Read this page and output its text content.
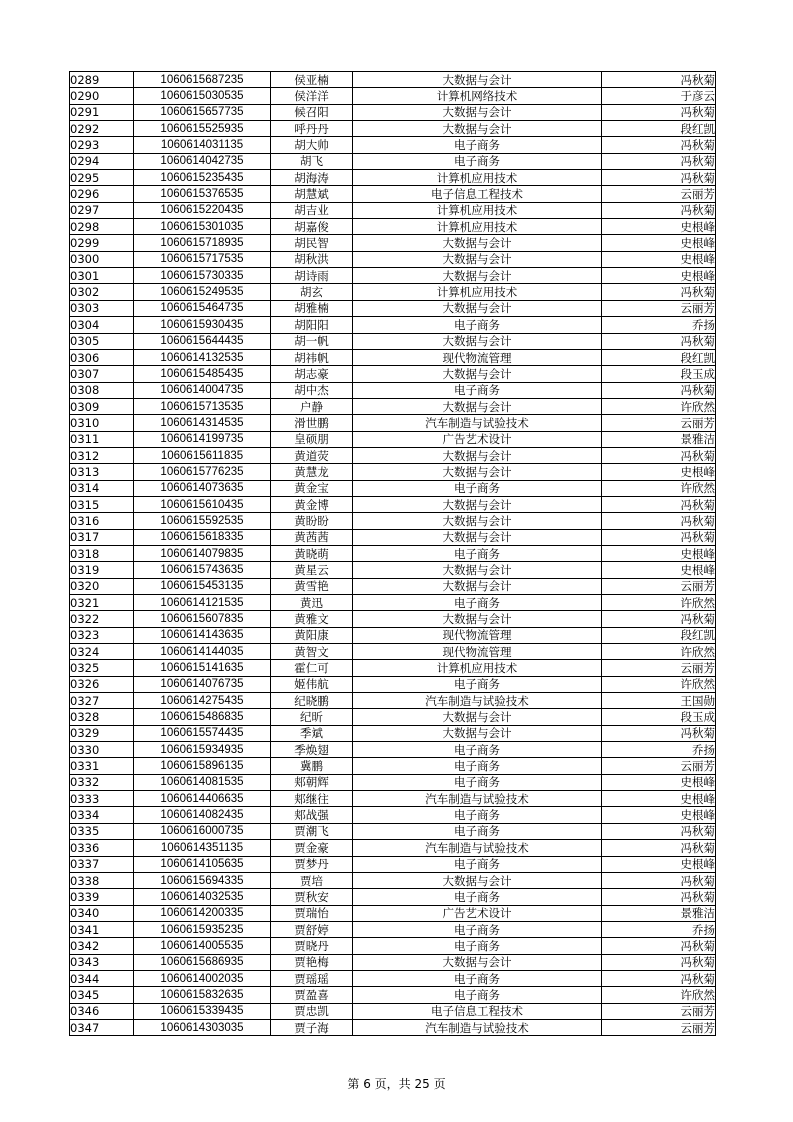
0289	1060615687235	侯亚楠	大数据与会计	冯秋菊
0290	1060615030535	侯洋洋	计算机网络技术	于彦云
0291	1060615657735	候召阳	大数据与会计	冯秋菊
0292	1060615525935	呼丹丹	大数据与会计	段红凯
0293	1060614031135	胡大帅	电子商务	冯秋菊
0294	1060614042735	胡飞	电子商务	冯秋菊
0295	1060615235435	胡海涛	计算机应用技术	冯秋菊
0296	1060615376535	胡慧斌	电子信息工程技术	云丽芳
0297	1060615220435	胡吉业	计算机应用技术	冯秋菊
0298	1060615301035	胡嘉俊	计算机应用技术	史根峰
0299	1060615718935	胡民智	大数据与会计	史根峰
0300	1060615717535	胡秋洪	大数据与会计	史根峰
0301	1060615730335	胡诗雨	大数据与会计	史根峰
0302	1060615249535	胡玄	计算机应用技术	冯秋菊
0303	1060615464735	胡雅楠	大数据与会计	云丽芳
0304	1060615930435	胡阳阳	电子商务	乔扬
0305	1060615644435	胡一帆	大数据与会计	冯秋菊
0306	1060614132535	胡祎帆	现代物流管理	段红凯
0307	1060615485435	胡志豪	大数据与会计	段玉成
0308	1060614004735	胡中杰	电子商务	冯秋菊
0309	1060615713535	户静	大数据与会计	许欣然
0310	1060614314535	滑世鹏	汽车制造与试验技术	云丽芳
0311	1060614199735	皇硕朋	广告艺术设计	景雅洁
0312	1060615611835	黄道荧	大数据与会计	冯秋菊
0313	1060615776235	黄慧龙	大数据与会计	史根峰
0314	1060614073635	黄金宝	电子商务	许欣然
0315	1060615610435	黄金博	大数据与会计	冯秋菊
0316	1060615592535	黄盼盼	大数据与会计	冯秋菊
0317	1060615618335	黄茜茜	大数据与会计	冯秋菊
0318	1060614079835	黄晓萌	电子商务	史根峰
0319	1060615743635	黄星云	大数据与会计	史根峰
0320	1060615453135	黄雪艳	大数据与会计	云丽芳
0321	1060614121535	黄迅	电子商务	许欣然
0322	1060615607835	黄雅文	大数据与会计	冯秋菊
0323	1060614143635	黄阳康	现代物流管理	段红凯
0324	1060614144035	黄智文	现代物流管理	许欣然
0325	1060615141635	霍仁可	计算机应用技术	云丽芳
0326	1060614076735	姬伟航	电子商务	许欣然
0327	1060614275435	纪晓鹏	汽车制造与试验技术	王国勋
0328	1060615486835	纪昕	大数据与会计	段玉成
0329	1060615574435	季斌	大数据与会计	冯秋菊
0330	1060615934935	季焕翅	电子商务	乔扬
0331	1060615896135	冀鹏	电子商务	云丽芳
0332	1060614081535	郏朝辉	电子商务	史根峰
0333	1060614406635	郏继往	汽车制造与试验技术	史根峰
0334	1060614082435	郏战强	电子商务	史根峰
0335	1060616000735	贾潮飞	电子商务	冯秋菊
0336	1060614351135	贾金豪	汽车制造与试验技术	冯秋菊
0337	1060614105635	贾梦丹	电子商务	史根峰
0338	1060615694335	贾培	大数据与会计	冯秋菊
0339	1060614032535	贾秋安	电子商务	冯秋菊
0340	1060614200335	贾瑞怡	广告艺术设计	景雅洁
0341	1060615935235	贾舒婷	电子商务	乔扬
0342	1060614005535	贾晓丹	电子商务	冯秋菊
0343	1060615686935	贾艳梅	大数据与会计	冯秋菊
0344	1060614002035	贾瑶瑶	电子商务	冯秋菊
0345	1060615832635	贾盈喜	电子商务	许欣然
0346	1060615339435	贾忠凯	电子信息工程技术	云丽芳
0347	1060614303035	贾子海	汽车制造与试验技术	云丽芳
第 6 页，共 25 页
